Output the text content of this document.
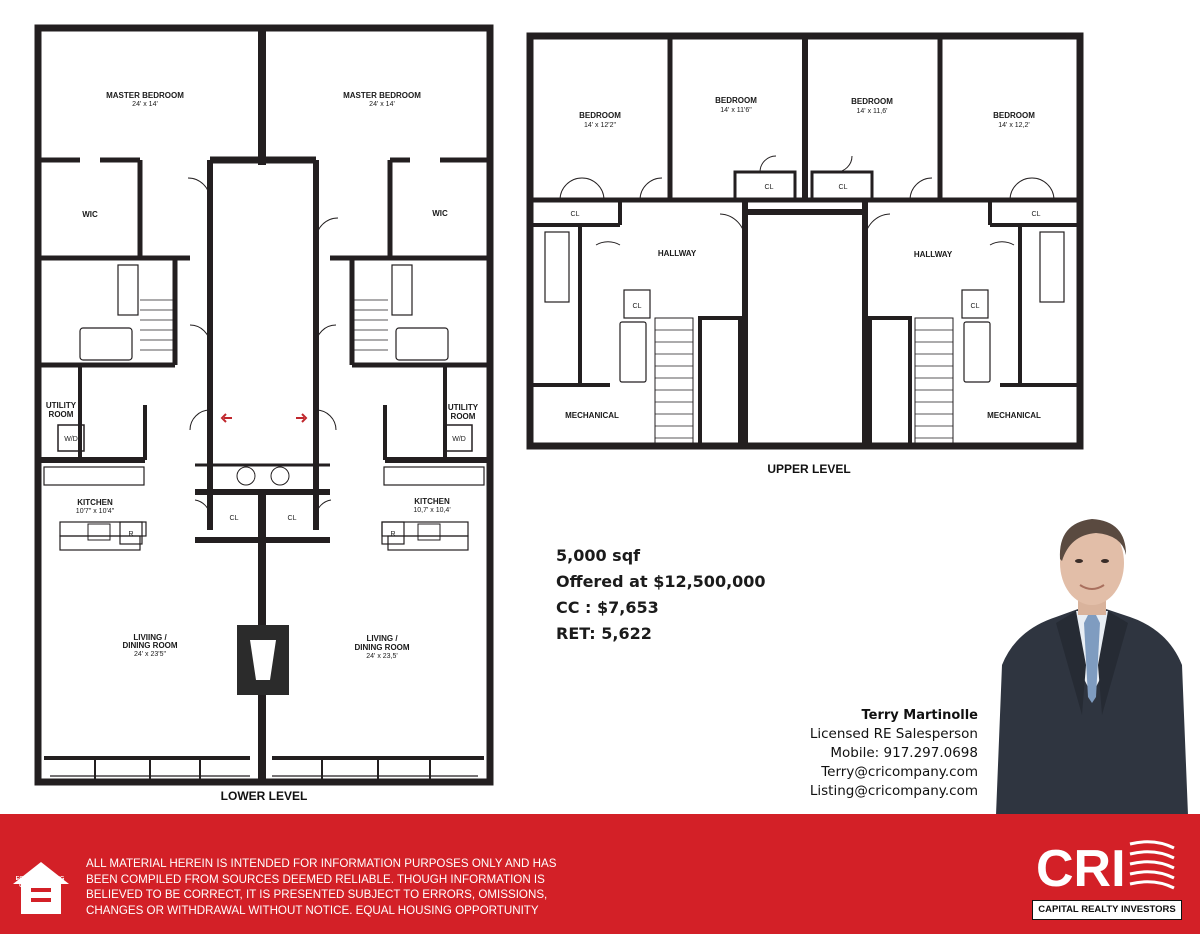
MASTER BEDROOM
24' x 14'
MASTER BEDROOM
24' x 14'
WIC	WIC
UTILITY
ROOM
UTILITY
ROOM
W/D	W/D
KITCHEN
10'7" x 10'4"
KITCHEN
10,7' x 10,4'
CL	CL
R	R
LIVIING /
DINING ROOM
24' x 23'5"
LIVING /
DINING ROOM
24' x 23,5'
LOWER LEVEL
BEDROOM
14' x 12'2"
BEDROOM
14' x 11'6"
BEDROOM
14' x 11,6'	BEDROOM
14' x 12,2'
CL
CL	CL
CL
CL	CL
HALLWAY	HALLWAY
MECHANICAL	MECHANICAL
UPPER LEVEL
5,000 sqf
Offered at $12,500,000
CC : $7,653
RET: 5,622
Terry Martinolle
Licensed RE Salesperson
Mobile: 917.297.0698
Terry@cricompany.com
Listing@cricompany.com
EQUAL HOUSING
OPPORTUNITY
ALL MATERIAL HEREIN IS INTENDED FOR INFORMATION PURPOSES ONLY AND HAS BEEN COMPILED FROM SOURCES DEEMED RELIABLE. THOUGH INFORMATION IS BELIEVED TO BE CORRECT, IT IS PRESENTED SUBJECT TO ERRORS, OMISSIONS, CHANGES OR WITHDRAWAL WITHOUT NOTICE. EQUAL HOUSING OPPORTUNITY
CRI
CAPITAL REALTY INVESTORS
